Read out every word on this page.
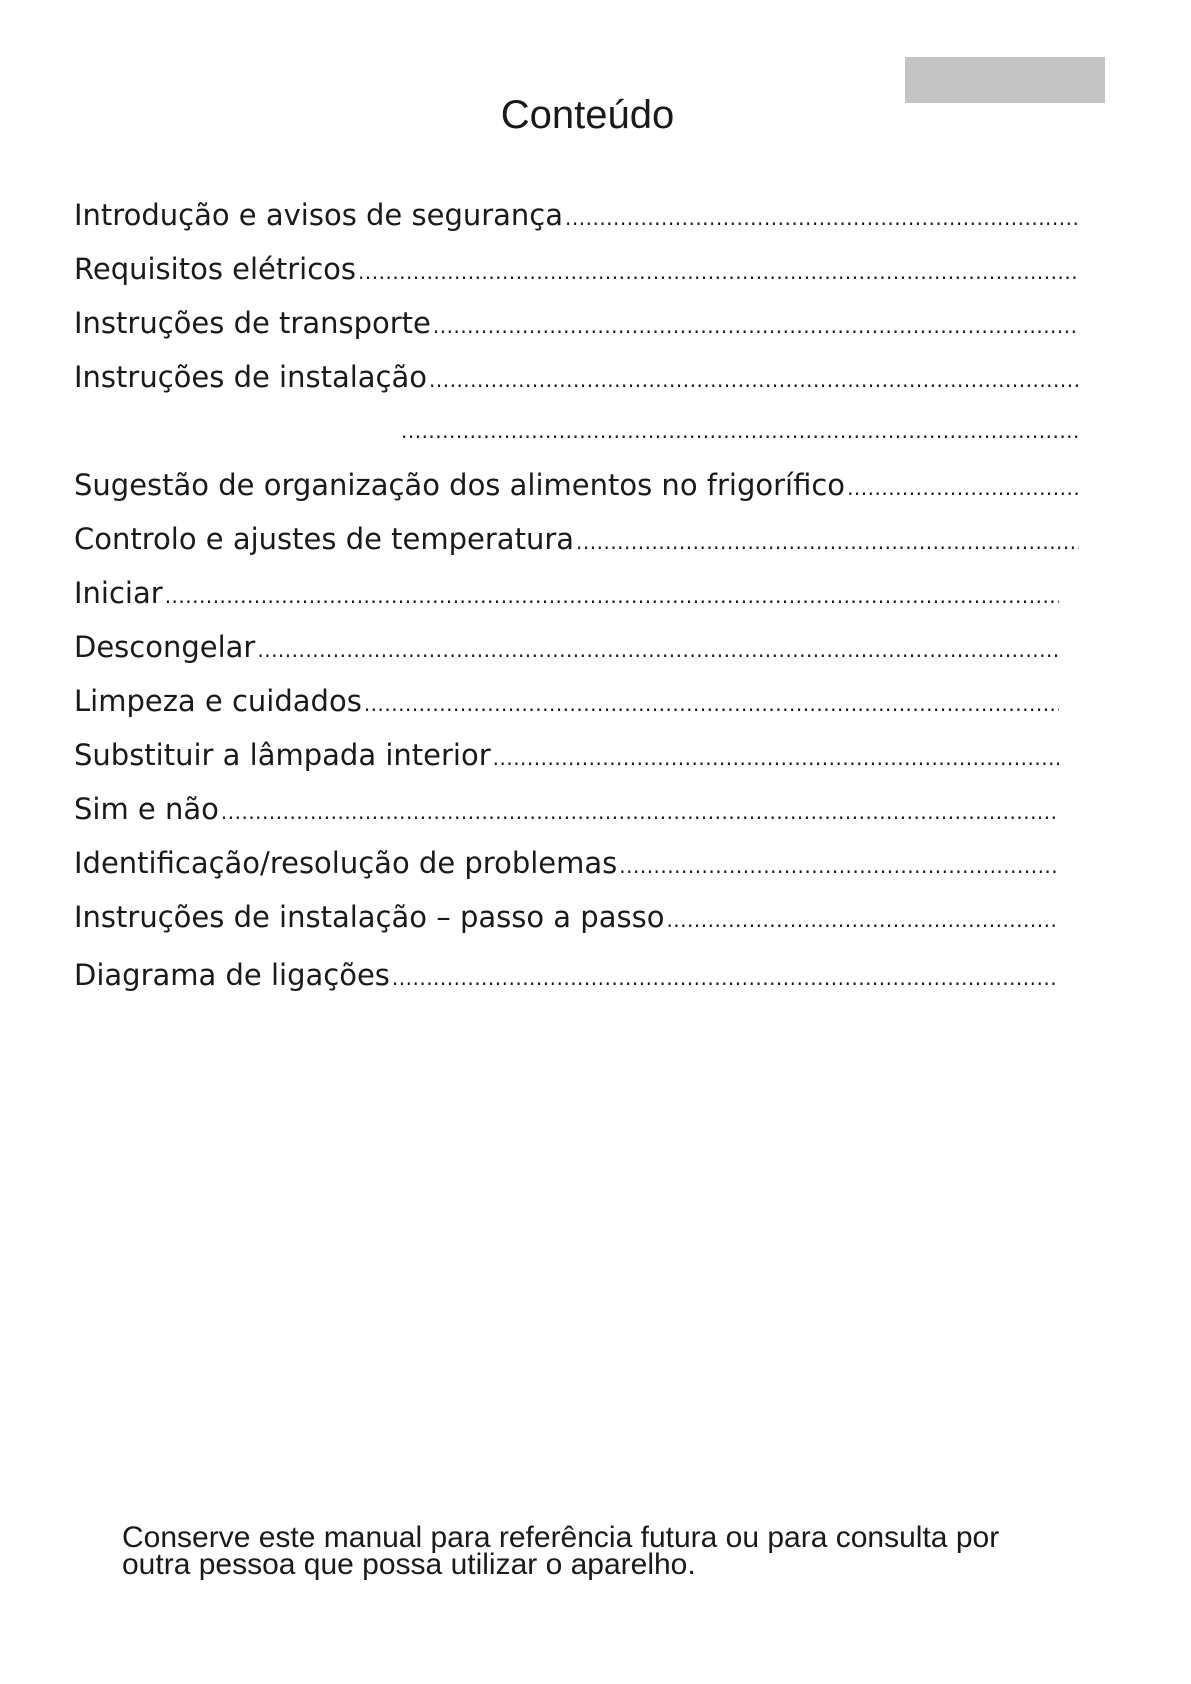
Conteúdo
Introdução e avisos de segurança
.....
Requisitos elétricos
.....
Instruções de transporte
.....
Instruções de instalação
.....
.....
Sugestão de organização dos alimentos no frigorífico
.....
Controlo e ajustes de temperatura
.....
Iniciar
.....
Descongelar
.....
Limpeza e cuidados
.....
Substituir a lâmpada interior
.....
Sim e não
.....
Identificação/resolução de problemas
.....
Instruções de instalação – passo a passo
.....
Diagrama de ligações
.....

Conserve este manual para referência futura ou para consulta por
outra pessoa que possa utilizar o aparelho.
